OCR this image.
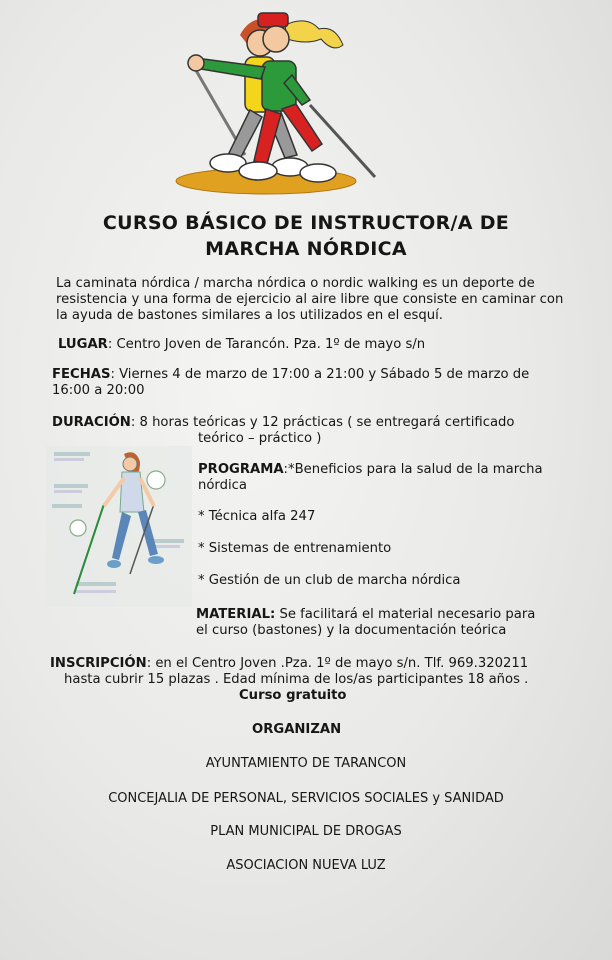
CURSO BÁSICO DE INSTRUCTOR/A DE
MARCHA NÓRDICA
La caminata nórdica / marcha nórdica o nordic walking es un deporte de
resistencia y una forma de ejercicio al aire libre que consiste en caminar con
la ayuda de bastones similares a los utilizados en el esquí.
LUGAR: Centro Joven de Tarancón. Pza. 1º de mayo s/n
FECHAS: Viernes 4 de marzo de 17:00 a 21:00 y Sábado 5 de marzo de
16:00 a 20:00
DURACIÓN: 8 horas teóricas y 12 prácticas ( se entregará certificado
teórico – práctico )
PROGRAMA:*Beneficios para la salud de la marcha
nórdica
* Técnica alfa 247
* Sistemas de entrenamiento
* Gestión de un club de marcha nórdica
MATERIAL: Se facilitará el material necesario para
el curso (bastones) y la documentación teórica
INSCRIPCIÓN: en el Centro Joven .Pza. 1º de mayo s/n. Tlf. 969.320211
hasta cubrir 15 plazas . Edad mínima de los/as participantes 18 años .
Curso gratuito
ORGANIZAN
AYUNTAMIENTO DE TARANCON
CONCEJALIA DE PERSONAL, SERVICIOS SOCIALES y SANIDAD
PLAN MUNICIPAL DE DROGAS
ASOCIACION NUEVA LUZ
